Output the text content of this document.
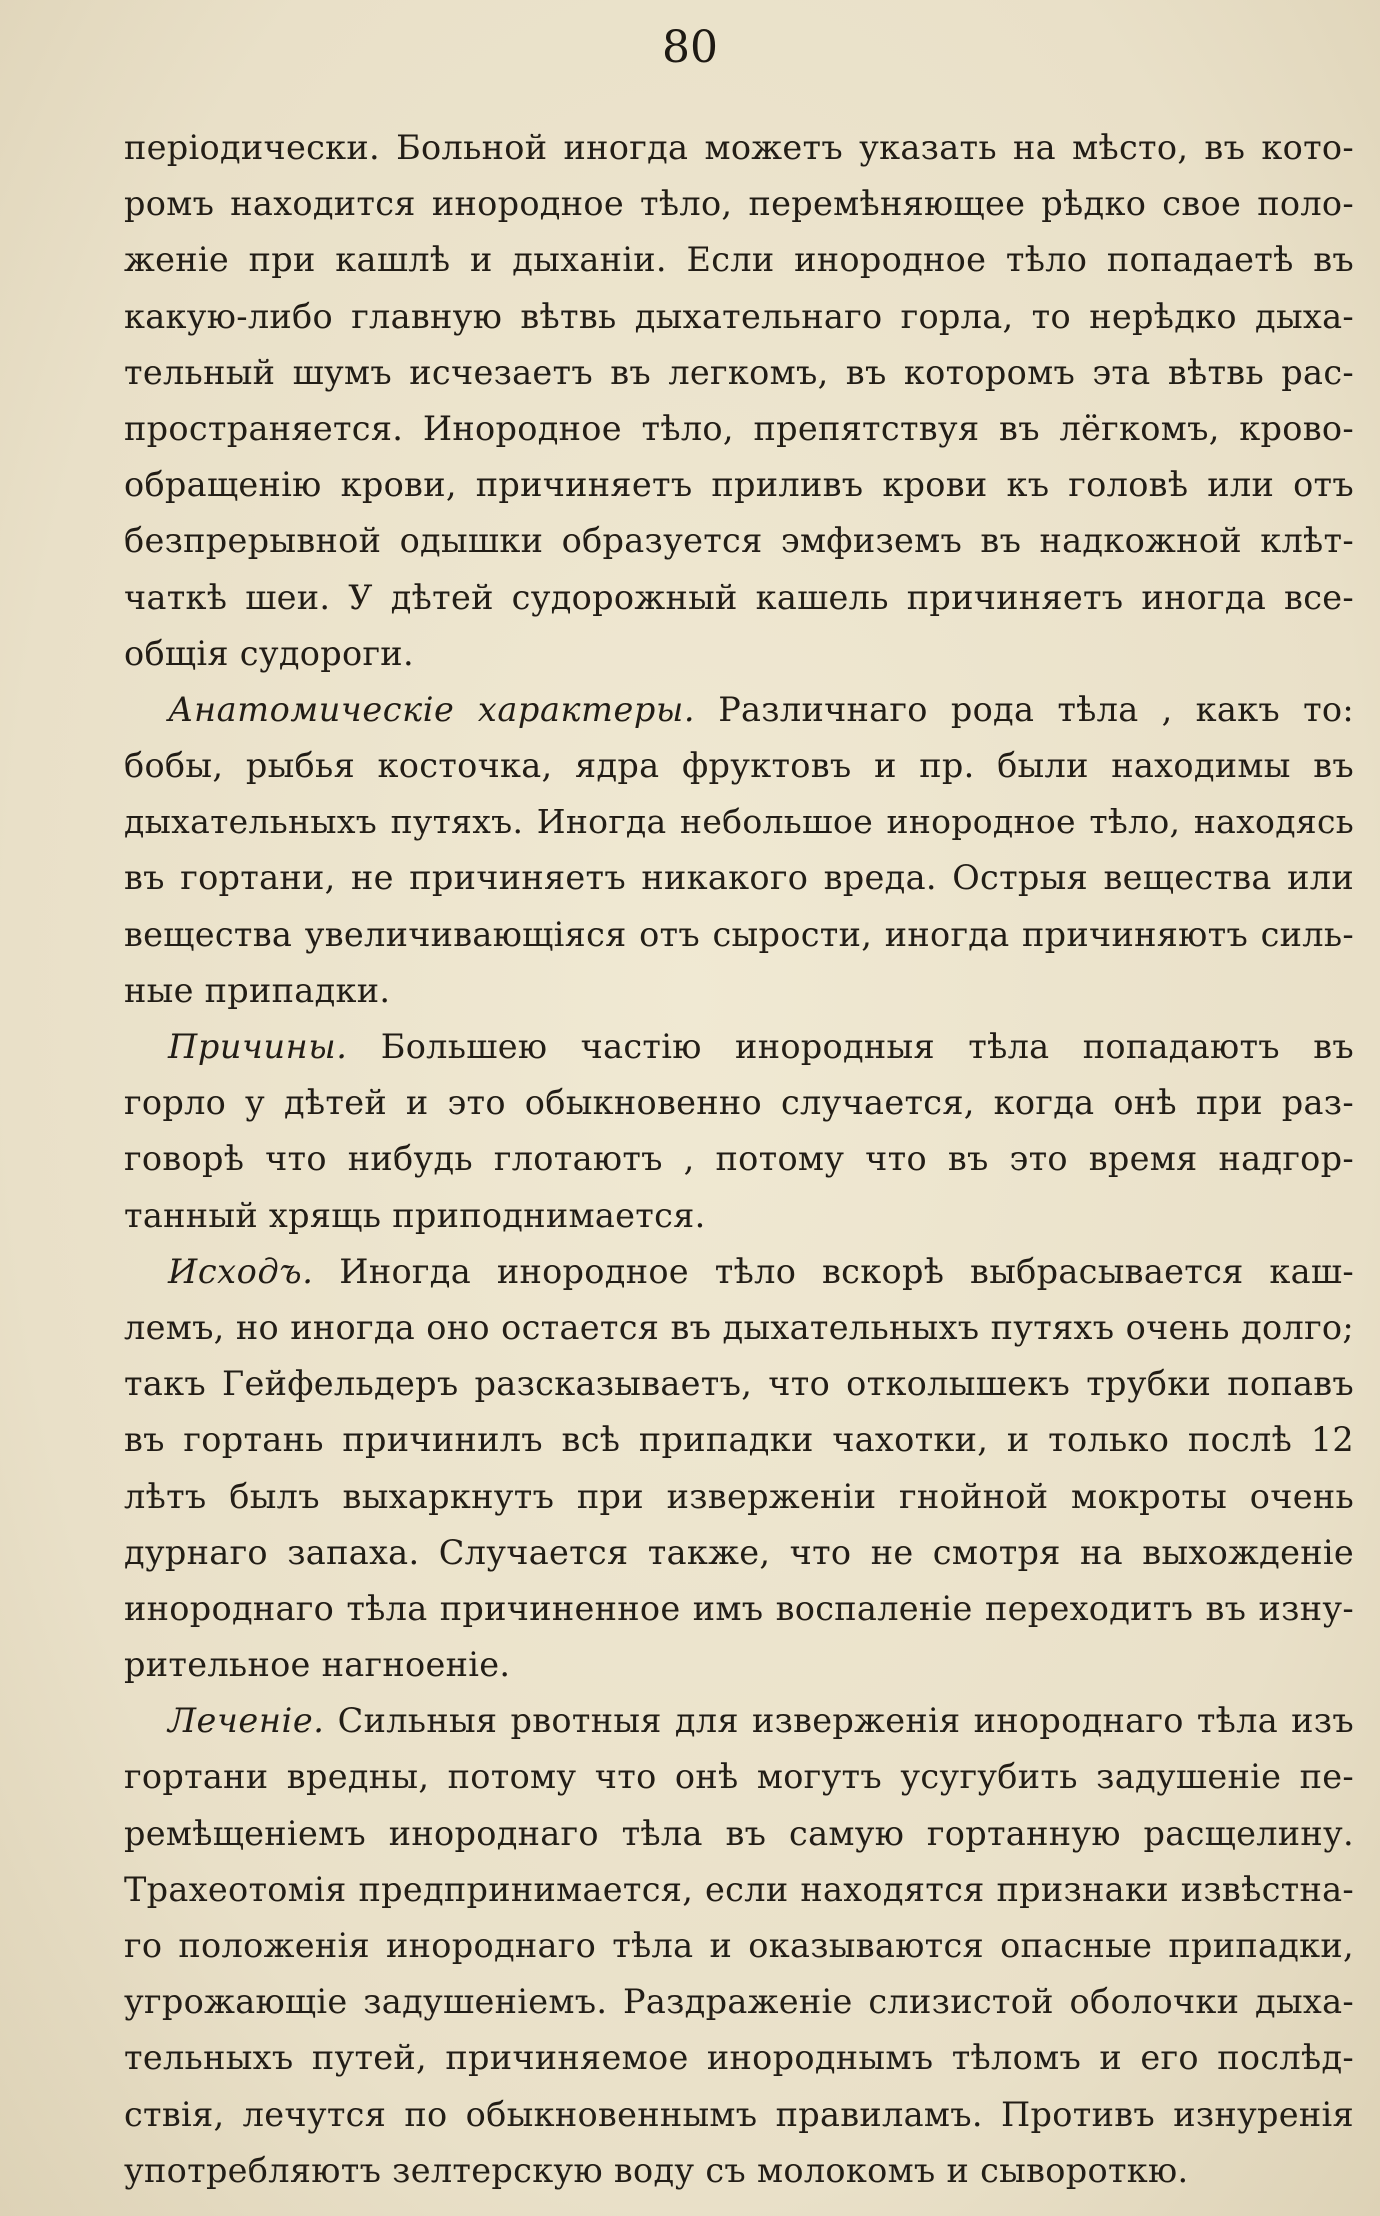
80
періодически. Больной иногда можетъ указать на мѣсто, въ кото-
ромъ находится инородное тѣло, перемѣняющее рѣдко свое поло-
женіе при кашлѣ и дыханіи. Если инородное тѣло попадаетѣ въ
какую-либо главную вѣтвь дыхательнаго горла, то нерѣдко дыха-
тельный шумъ исчезаетъ въ легкомъ, въ которомъ эта вѣтвь рас-
пространяется. Инородное тѣло, препятствуя въ лёгкомъ, крово-
обращенію крови, причиняетъ приливъ крови къ головѣ или отъ
безпрерывной одышки образуется эмфиземъ въ надкожной клѣт-
чаткѣ шеи. У дѣтей судорожный кашель причиняетъ иногда все-
общія судороги.
Анатомическіе характеры. Различнаго рода тѣла , какъ то:
бобы, рыбья косточка, ядра фруктовъ и пр. были находимы въ
дыхательныхъ путяхъ. Иногда небольшое инородное тѣло, находясь
въ гортани, не причиняетъ никакого вреда. Острыя вещества или
вещества увеличивающіяся отъ сырости, иногда причиняютъ силь-
ные припадки.
Причины. Большею частію инородныя тѣла попадаютъ въ
горло у дѣтей и это обыкновенно случается, когда онѣ при раз-
говорѣ что нибудь глотаютъ , потому что въ это время надгор-
танный хрящь приподнимается.
Исходъ. Иногда инородное тѣло вскорѣ выбрасывается каш-
лемъ, но иногда оно остается въ дыхательныхъ путяхъ очень долго;
такъ Гейфельдеръ разсказываетъ, что отколышекъ трубки попавъ
въ гортань причинилъ всѣ припадки чахотки, и только послѣ 12
лѣтъ былъ выхаркнутъ при изверженіи гнойной мокроты очень
дурнаго запаха. Случается также, что не смотря на выхожденіе
инороднаго тѣла причиненное имъ воспаленіе переходитъ въ изну-
рительное нагноеніе.
Леченіе. Сильныя рвотныя для изверженія инороднаго тѣла изъ
гортани вредны, потому что онѣ могутъ усугубить задушеніе пе-
ремѣщеніемъ инороднаго тѣла въ самую гортанную расщелину.
Трахеотомія предпринимается, если находятся признаки извѣстна-
го положенія инороднаго тѣла и оказываются опасные припадки,
угрожающіе задушеніемъ. Раздраженіе слизистой оболочки дыха-
тельныхъ путей, причиняемое инороднымъ тѣломъ и его послѣд-
ствія, лечутся по обыкновеннымъ правиламъ. Противъ изнуренія
употребляютъ зелтерскую воду съ молокомъ и сывороткю.
